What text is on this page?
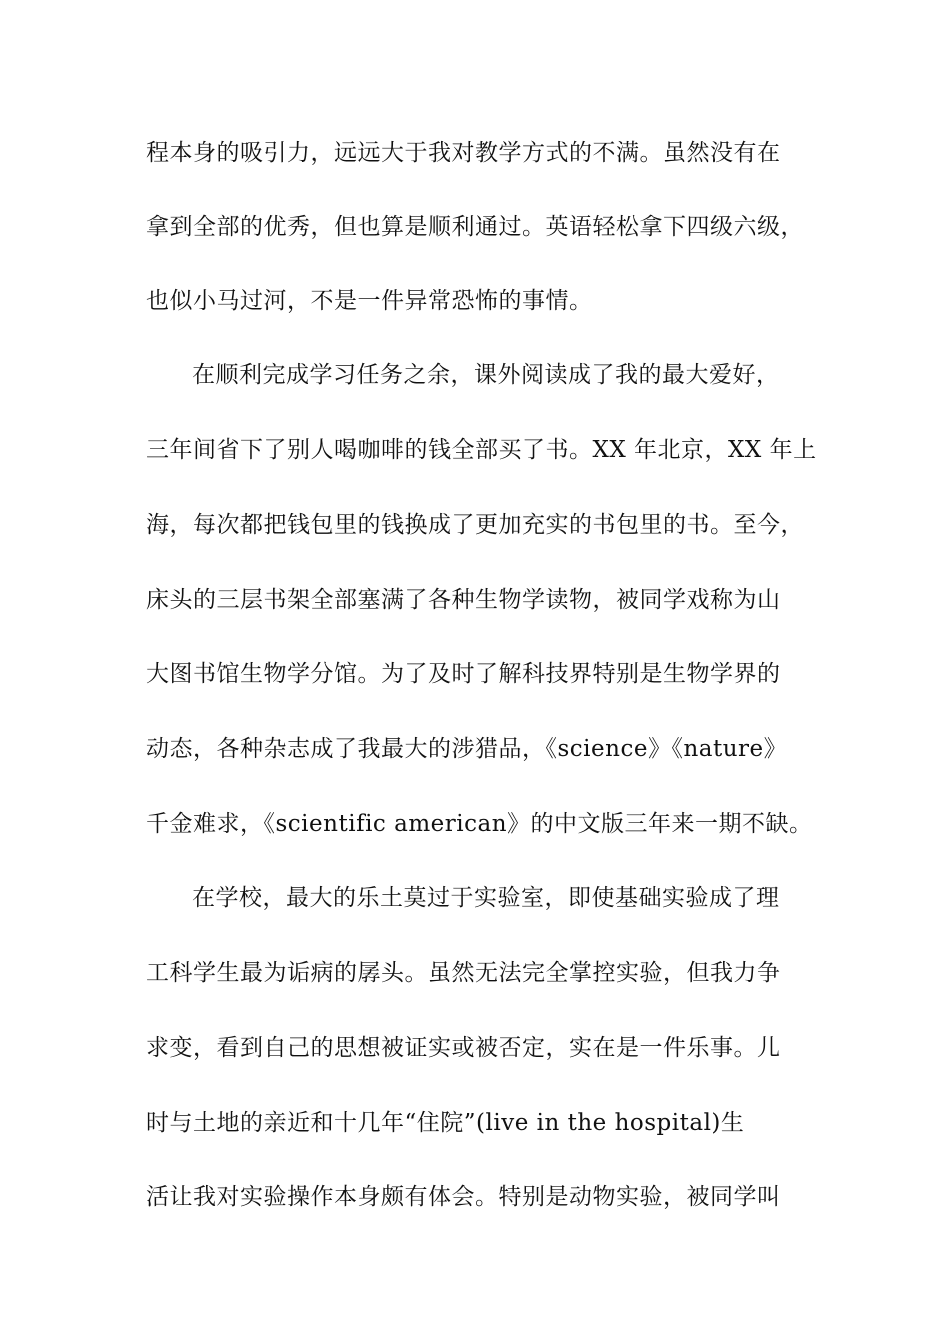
程本身的吸引力，远远大于我对教学方式的不满。虽然没有在
拿到全部的优秀，但也算是顺利通过。英语轻松拿下四级六级，
也似小马过河，不是一件异常恐怖的事情。
在顺利完成学习任务之余，课外阅读成了我的最大爱好，
三年间省下了别人喝咖啡的钱全部买了书。XX 年北京，XX 年上
海，每次都把钱包里的钱换成了更加充实的书包里的书。至今，
床头的三层书架全部塞满了各种生物学读物，被同学戏称为山
大图书馆生物学分馆。为了及时了解科技界特别是生物学界的
动态，各种杂志成了我最大的涉猎品，《science》《nature》
千金难求，《scientific american》的中文版三年来一期不缺。
在学校，最大的乐土莫过于实验室，即使基础实验成了理
工科学生最为诟病的孱头。虽然无法完全掌控实验，但我力争
求变，看到自己的思想被证实或被否定，实在是一件乐事。儿
时与土地的亲近和十几年“住院”(live in the hospital)生
活让我对实验操作本身颇有体会。特别是动物实验，被同学叫
